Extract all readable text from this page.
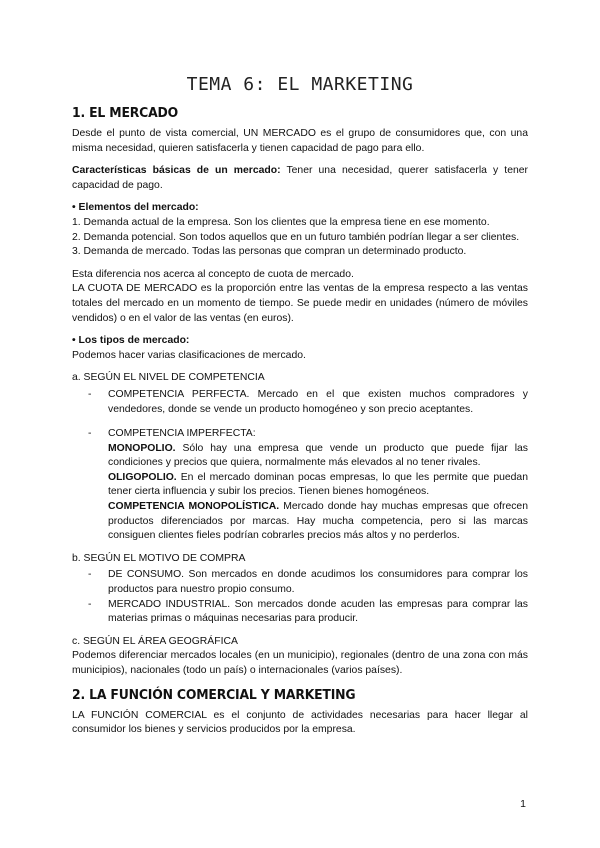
TEMA 6: EL MARKETING
1. EL MERCADO

Desde el punto de vista comercial, UN MERCADO es el grupo de consumidores que, con una misma necesidad, quieren satisfacerla y tienen capacidad de pago para ello.

Características básicas de un mercado: Tener una necesidad, querer satisfacerla y tener capacidad de pago.

• Elementos del mercado:

1. Demanda actual de la empresa. Son los clientes que la empresa tiene en ese momento.

2. Demanda potencial. Son todos aquellos que en un futuro también podrían llegar a ser clientes.

3. Demanda de mercado. Todas las personas que compran un determinado producto.

Esta diferencia nos acerca al concepto de cuota de mercado.

LA CUOTA DE MERCADO es la proporción entre las ventas de la empresa respecto a las ventas totales del mercado en un momento de tiempo. Se puede medir en unidades (número de móviles vendidos) o en el valor de las ventas (en euros).

• Los tipos de mercado:

Podemos hacer varias clasificaciones de mercado.

a. SEGÚN EL NIVEL DE COMPETENCIA

- COMPETENCIA PERFECTA. Mercado en el que existen muchos compradores y vendedores, donde se vende un producto homogéneo y son precio aceptantes.
- COMPETENCIA IMPERFECTA:
MONOPOLIO. Sólo hay una empresa que vende un producto que puede fijar las condiciones y precios que quiera, normalmente más elevados al no tener rivales.
OLIGOPOLIO. En el mercado dominan pocas empresas, lo que les permite que puedan tener cierta influencia y subir los precios. Tienen bienes homogéneos.
COMPETENCIA MONOPOLÍSTICA. Mercado donde hay muchas empresas que ofrecen productos diferenciados por marcas. Hay mucha competencia, pero si las marcas consiguen clientes fieles podrían cobrarles precios más altos y no perderlos.

b. SEGÚN EL MOTIVO DE COMPRA

- DE CONSUMO. Son mercados en donde acudimos los consumidores para comprar los productos para nuestro propio consumo.
- MERCADO INDUSTRIAL. Son mercados donde acuden las empresas para comprar las materias primas o máquinas necesarias para producir.

c. SEGÚN EL ÁREA GEOGRÁFICA

Podemos diferenciar mercados locales (en un municipio), regionales (dentro de una zona con más municipios), nacionales (todo un país) o internacionales (varios países).

2. LA FUNCIÓN COMERCIAL Y MARKETING

LA FUNCIÓN COMERCIAL es el conjunto de actividades necesarias para hacer llegar al consumidor los bienes y servicios producidos por la empresa.

1
